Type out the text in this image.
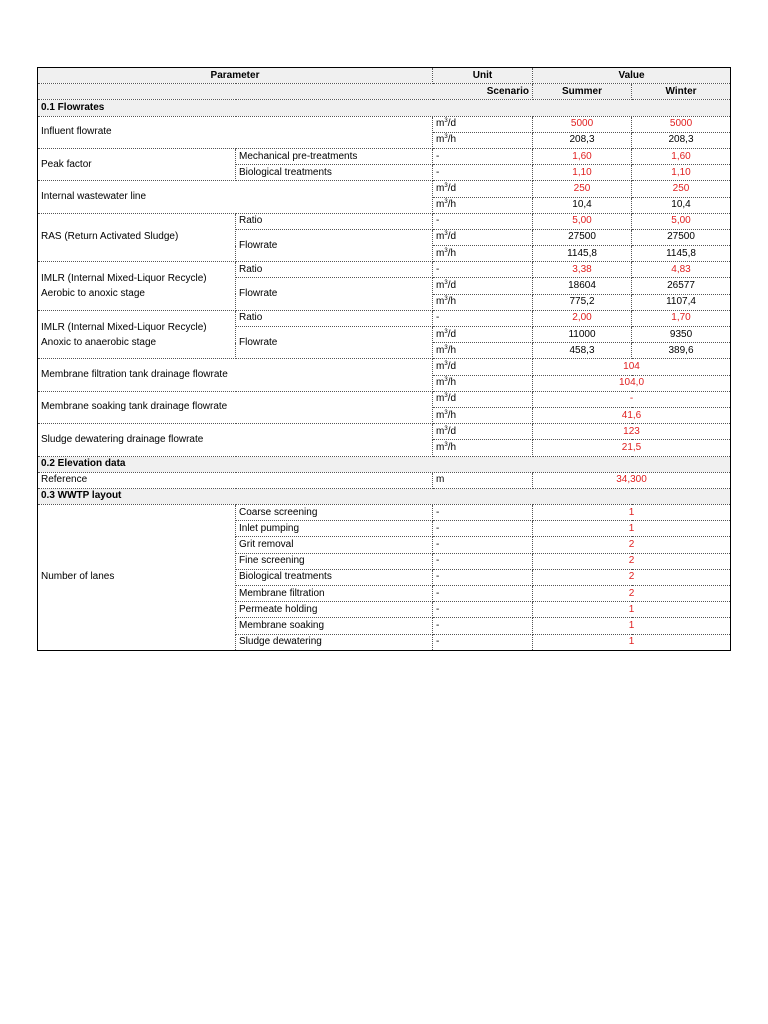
Parameter		Unit	Value	
		Scenario	Summer	Winter
0.1 Flowrates				
Influent flowrate		$m^3/d$	5000	5000
		$m^3/h$	208,3	208,3
Peak factor	Mechanical pre-treatments	-	1,60	1,60
	Biological treatments	-	1,10	1,10
Internal wastewater line		$m^3/d$	250	250
		$m^3/h$	10,4	10,4
RAS (Return Activated Sludge)	Ratio	-	5,00	5,00
	Flowrate	$m^3/d$	27500	27500
		$m^3/h$	1145,8	1145,8
IMLR (Internal Mixed-Liquor Recycle)
Aerobic to anoxic stage	Ratio	-	3,38	4,83
	Flowrate	$m^3/d$	18604	26577
		$m^3/h$	775,2	1107,4
IMLR (Internal Mixed-Liquor Recycle)
Anoxic to anaerobic stage	Ratio	-	2,00	1,70
	Flowrate	$m^3/d$	11000	9350
		$m^3/h$	458,3	389,6
Membrane filtration tank drainage flowrate		$m^3/d$	104	
		$m^3/h$	104,0	
Membrane soaking tank drainage flowrate		$m^3/d$	-	
		$m^3/h$	41,6	
Sludge dewatering drainage flowrate		$m^3/d$	123	
		$m^3/h$	21,5	
0.2 Elevation data				
Reference		m	34,300	
0.3 WWTP layout				
Number of lanes	Coarse screening	-	1	
	Inlet pumping	-	1	
	Grit removal	-	2	
	Fine screening	-	2	
	Biological treatments	-	2	
	Membrane filtration	-	2	
	Permeate holding	-	1	
	Membrane soaking	-	1	
	Sludge dewatering	-	1	
